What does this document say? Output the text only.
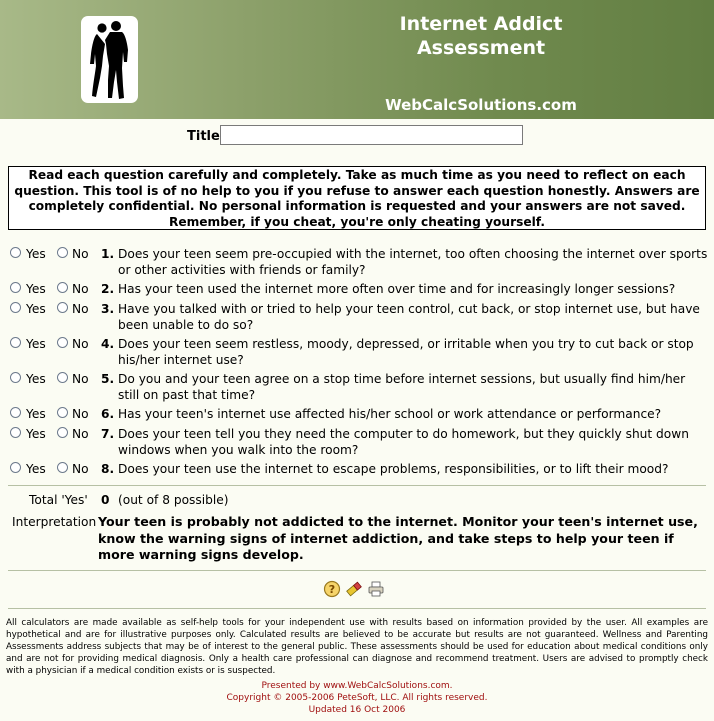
Internet Addict
Assessment
WebCalcSolutions.com
Title
Read each question carefully and completely. Take as much time as you need to reflect on each question. This tool is of no help to you if you refuse to answer each question honestly. Answers are completely confidential. No personal information is requested and your answers are not saved. Remember, if you cheat, you're only cheating yourself.
Yes No 1. Does your teen seem pre-occupied with the internet, too often choosing the internet over sports or other activities with friends or family?
Yes No 2. Has your teen used the internet more often over time and for increasingly longer sessions?
Yes No 3. Have you talked with or tried to help your teen control, cut back, or stop internet use, but have been unable to do so?
Yes No 4. Does your teen seem restless, moody, depressed, or irritable when you try to cut back or stop his/her internet use?
Yes No 5. Do you and your teen agree on a stop time before internet sessions, but usually find him/her still on past that time?
Yes No 6. Has your teen's internet use affected his/her school or work attendance or performance?
Yes No 7. Does your teen tell you they need the computer to do homework, but they quickly shut down windows when you walk into the room?
Yes No 8. Does your teen use the internet to escape problems, responsibilities, or to lift their mood?
Total 'Yes' 0 (out of 8 possible)
Interpretation Your teen is probably not addicted to the internet. Monitor your teen's internet use, know the warning signs of internet addiction, and take steps to help your teen if more warning signs develop.
?
All calculators are made available as self-help tools for your independent use with results based on information provided by the user. All examples are hypothetical and are for illustrative purposes only. Calculated results are believed to be accurate but results are not guaranteed. Wellness and Parenting Assessments address subjects that may be of interest to the general public. These assessments should be used for education about medical conditions only and are not for providing medical diagnosis. Only a health care professional can diagnose and recommend treatment. Users are advised to promptly check with a physician if a medical condition exists or is suspected.
Presented by www.WebCalcSolutions.com.
Copyright © 2005-2006 PeteSoft, LLC. All rights reserved.
Updated 16 Oct 2006
